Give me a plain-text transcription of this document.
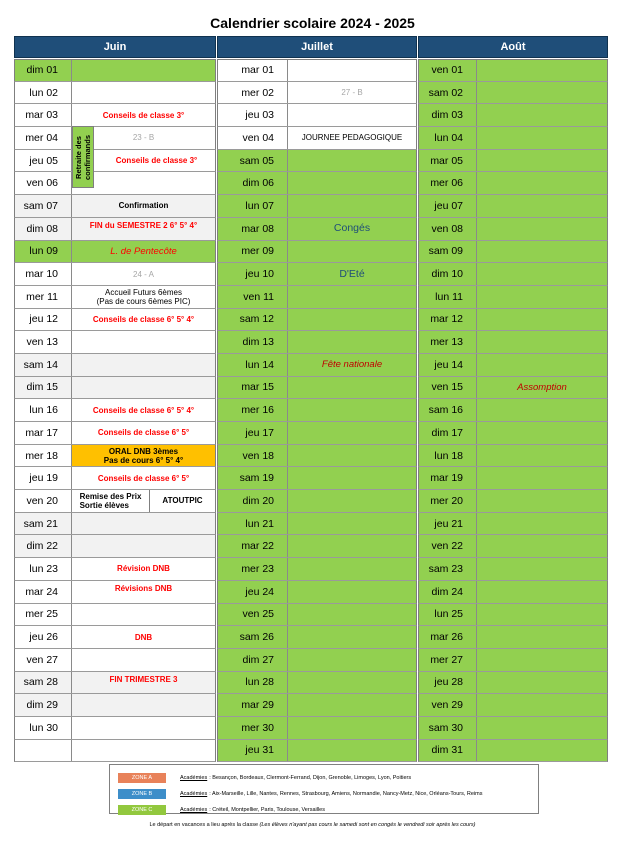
Calendrier scolaire 2024 - 2025
Juin	Juillet	Août
dim 01
lun 02
mar 03	Conseils de classe 3°
mer 04	23 - B
jeu 05	Conseils de classe 3°
ven 06
sam 07	Confirmation
dim 08	FIN du SEMESTRE 2 6° 5° 4°
lun 09	L. de Pentecôte
mar 10	24 - A
mer 11	Accueil Futurs 6èmes
(Pas de cours 6èmes PIC)
jeu 12	Conseils de classe 6° 5° 4°
ven 13
sam 14
dim 15
lun 16	Conseils de classe 6° 5° 4°
mar 17	Conseils de classe 6° 5°
mer 18	ORAL DNB 3èmes
Pas de cours 6° 5° 4°
jeu 19	Conseils de classe 6° 5°
ven 20	Remise des Prix
Sortie élèves	ATOUTPIC
sam 21
dim 22
lun 23	Révision DNB
mar 24	Révisions DNB
mer 25
jeu 26	DNB
ven 27
sam 28	FIN TRIMESTRE 3
dim 29
lun 30
mar 01
mer 02	27 - B
jeu 03
ven 04	JOURNEE PEDAGOGIQUE
sam 05
dim 06
lun 07
mar 08	Congés
mer 09
jeu 10	D'Eté
ven 11
sam 12
dim 13
lun 14	Fête nationale
mar 15
mer 16
jeu 17
ven 18
sam 19
dim 20
lun 21
mar 22
mer 23
jeu 24
ven 25
sam 26
dim 27
lun 28
mar 29
mer 30
jeu 31
ven 01
sam 02
dim 03
lun 04
mar 05
mer 06
jeu 07
ven 08
sam 09
dim 10
lun 11
mar 12
mer 13
jeu 14
ven 15	Assomption
sam 16
dim 17
lun 18
mar 19
mer 20
jeu 21
ven 22
sam 23
dim 24
lun 25
mar 26
mer 27
jeu 28
ven 29
sam 30
dim 31
Retraite des
confirmands
ZONE A	Académies : Besançon, Bordeaux, Clermont-Ferrand, Dijon, Grenoble, Limoges, Lyon, Poitiers
ZONE B	Académies : Aix-Marseille, Lille, Nantes, Rennes, Strasbourg, Amiens, Normandie, Nancy-Metz, Nice, Orléans-Tours, Reims
ZONE C	Académies : Créteil, Montpellier, Paris, Toulouse, Versailles
Le départ en vacances a lieu après la classe (Les élèves n'ayant pas cours le samedi sont en congés le vendredi soir après les cours)
